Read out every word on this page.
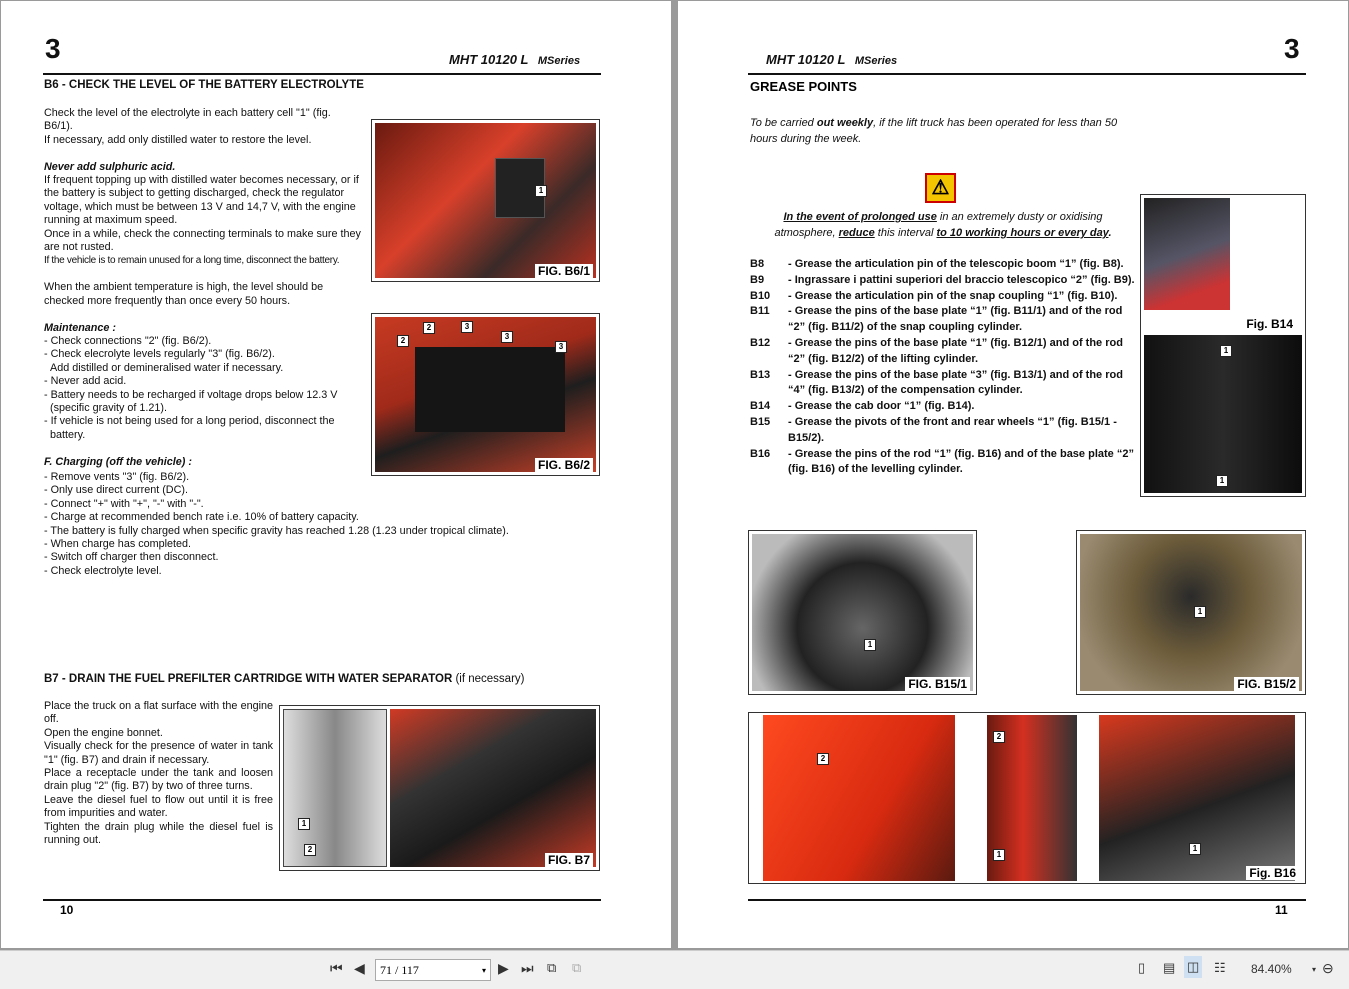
3	MHT 10120 L MSeries
B6 - CHECK THE LEVEL OF THE BATTERY ELECTROLYTE

Check the level of the electrolyte in each battery cell "1" (fig. B6/1).
If necessary, add only distilled water to restore the level.

Never add sulphuric acid.

If frequent topping up with distilled water becomes necessary, or if the battery is subject to getting discharged, check the regulator voltage, which must be between 13 V and 14,7 V, with the engine running at maximum speed.
Once in a while, check the connecting terminals to make sure they are not rusted.

If the vehicle is to remain unused for a long time, disconnect the battery.

When the ambient temperature is high, the level should be checked more frequently than once every 50 hours.

Maintenance :

- Check connections "2" (fig. B6/2).
- Check elecrolyte levels regularly "3" (fig. B6/2).
Add distilled or demineralised water if necessary.
- Never add acid.
- Battery needs to be recharged if voltage drops below 12.3 V
(specific gravity of 1.21).
- If vehicle is not being used for a long period, disconnect the
battery.

F. Charging (off the vehicle) :

- Remove vents "3" (fig. B6/2).
- Only use direct current (DC).
- Connect "+" with "+", "-" with "-".
- Charge at recommended bench rate i.e. 10% of battery capacity.
- The battery is fully charged when specific gravity has reached 1.28 (1.23 under tropical climate).
- When charge has completed.
- Switch off charger then disconnect.
- Check electrolyte level.

1
FIG. B6/1
2
2	3
3
3
FIG. B6/2
B7 - DRAIN THE FUEL PREFILTER CARTRIDGE WITH WATER SEPARATOR (if necessary)

Place the truck on a flat surface with the engine off.
Open the engine bonnet.
Visually check for the presence of water in tank "1" (fig. B7) and drain if necessary.
Place a receptacle under the tank and loosen drain plug "2" (fig. B7) by two of three turns.
Leave the diesel fuel to flow out until it is free from impurities and water.
Tighten the drain plug while the diesel fuel is running out.

1
2
FIG. B7
10
MHT 10120 L MSeries	3
GREASE POINTS
To be carried out weekly, if the lift truck has been operated for less than 50 hours during the week.
⚠
In the event of prolonged use in an extremely dusty or oxidising atmosphere, reduce this interval to 10 working hours or every day.
B8	- Grease the articulation pin of the telescopic boom “1” (fig. B8).
B9	- Ingrassare i pattini superiori del braccio telescopico “2” (fig. B9).
B10	- Grease the articulation pin of the snap coupling “1” (fig. B10).
B11	- Grease the pins of the base plate “1” (fig. B11/1) and of the rod “2” (fig. B11/2) of the snap coupling cylinder.
B12	- Grease the pins of the base plate “1” (fig. B12/1) and of the rod “2” (fig. B12/2) of the lifting cylinder.
B13	- Grease the pins of the base plate “3” (fig. B13/1) and of the rod “4” (fig. B13/2) of the compensation cylinder.
B14	- Grease the cab door “1” (fig. B14).
B15	- Grease the pivots of the front and rear wheels “1” (fig. B15/1 - B15/2).
B16	- Grease the pins of the rod “1” (fig. B16) and of the base plate “2” (fig. B16) of the levelling cylinder.
1
1
Fig. B14
1
FIG. B15/1
1
FIG. B15/2
2
2
1
1
Fig. B16
11
⏮ ◀	71 / 117	▾ ▶ ⏭ ⧉ ⧉	▯ ▤ ◫ ☷ 84.40%	▾ ⊖
